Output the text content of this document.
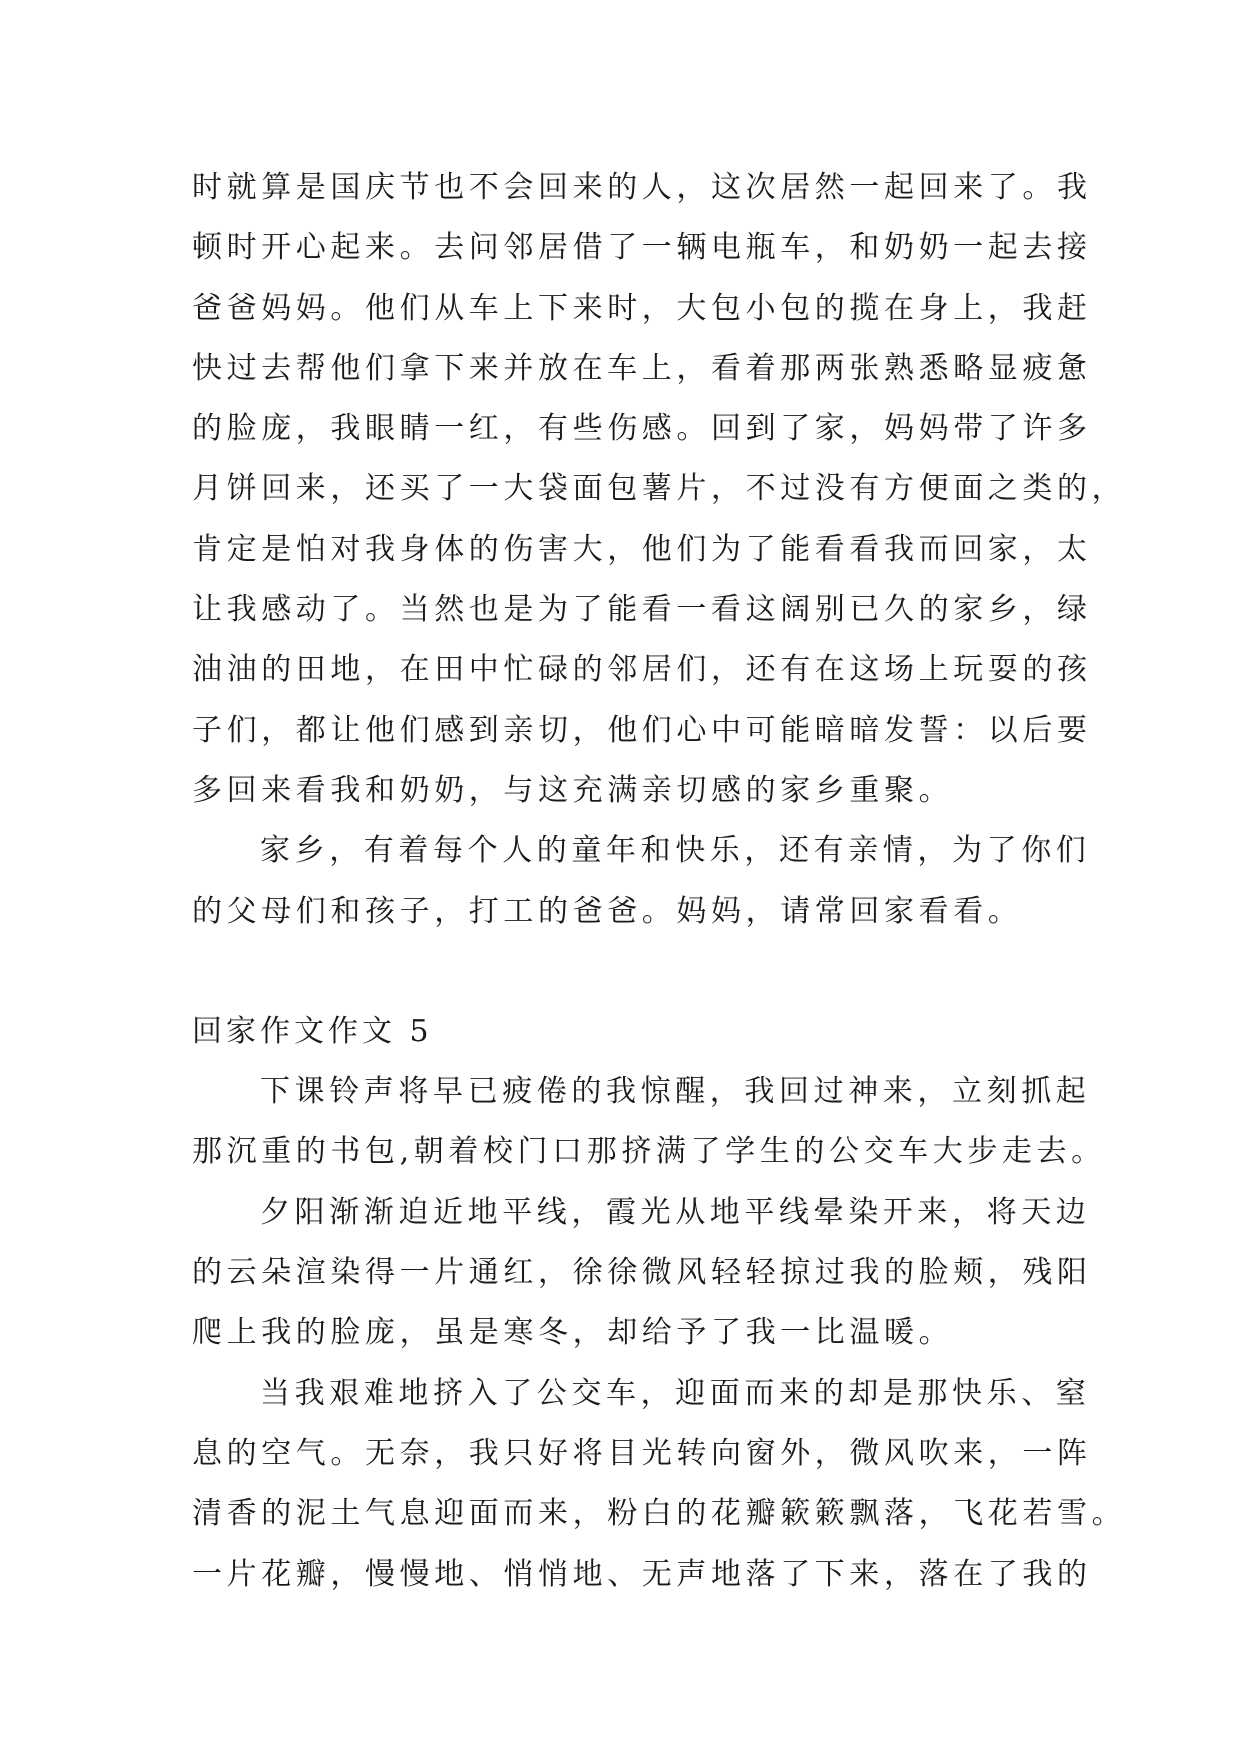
时就算是国庆节也不会回来的人，这次居然一起回来了。我
顿时开心起来。去问邻居借了一辆电瓶车，和奶奶一起去接
爸爸妈妈。他们从车上下来时，大包小包的揽在身上，我赶
快过去帮他们拿下来并放在车上，看着那两张熟悉略显疲惫
的脸庞，我眼睛一红，有些伤感。回到了家，妈妈带了许多
月饼回来，还买了一大袋面包薯片，不过没有方便面之类的，
肯定是怕对我身体的伤害大，他们为了能看看我而回家，太
让我感动了。当然也是为了能看一看这阔别已久的家乡，绿
油油的田地，在田中忙碌的邻居们，还有在这场上玩耍的孩
子们，都让他们感到亲切，他们心中可能暗暗发誓：以后要
多回来看我和奶奶，与这充满亲切感的家乡重聚。
家乡，有着每个人的童年和快乐，还有亲情，为了你们
的父母们和孩子，打工的爸爸。妈妈，请常回家看看。
回家作文作文 5
下课铃声将早已疲倦的我惊醒，我回过神来，立刻抓起
那沉重的书包,朝着校门口那挤满了学生的公交车大步走去。
夕阳渐渐迫近地平线，霞光从地平线晕染开来，将天边
的云朵渲染得一片通红，徐徐微风轻轻掠过我的脸颊，残阳
爬上我的脸庞，虽是寒冬，却给予了我一比温暖。
当我艰难地挤入了公交车，迎面而来的却是那快乐、窒
息的空气。无奈，我只好将目光转向窗外，微风吹来，一阵
清香的泥土气息迎面而来，粉白的花瓣簌簌飘落，飞花若雪。
一片花瓣，慢慢地、悄悄地、无声地落了下来，落在了我的
